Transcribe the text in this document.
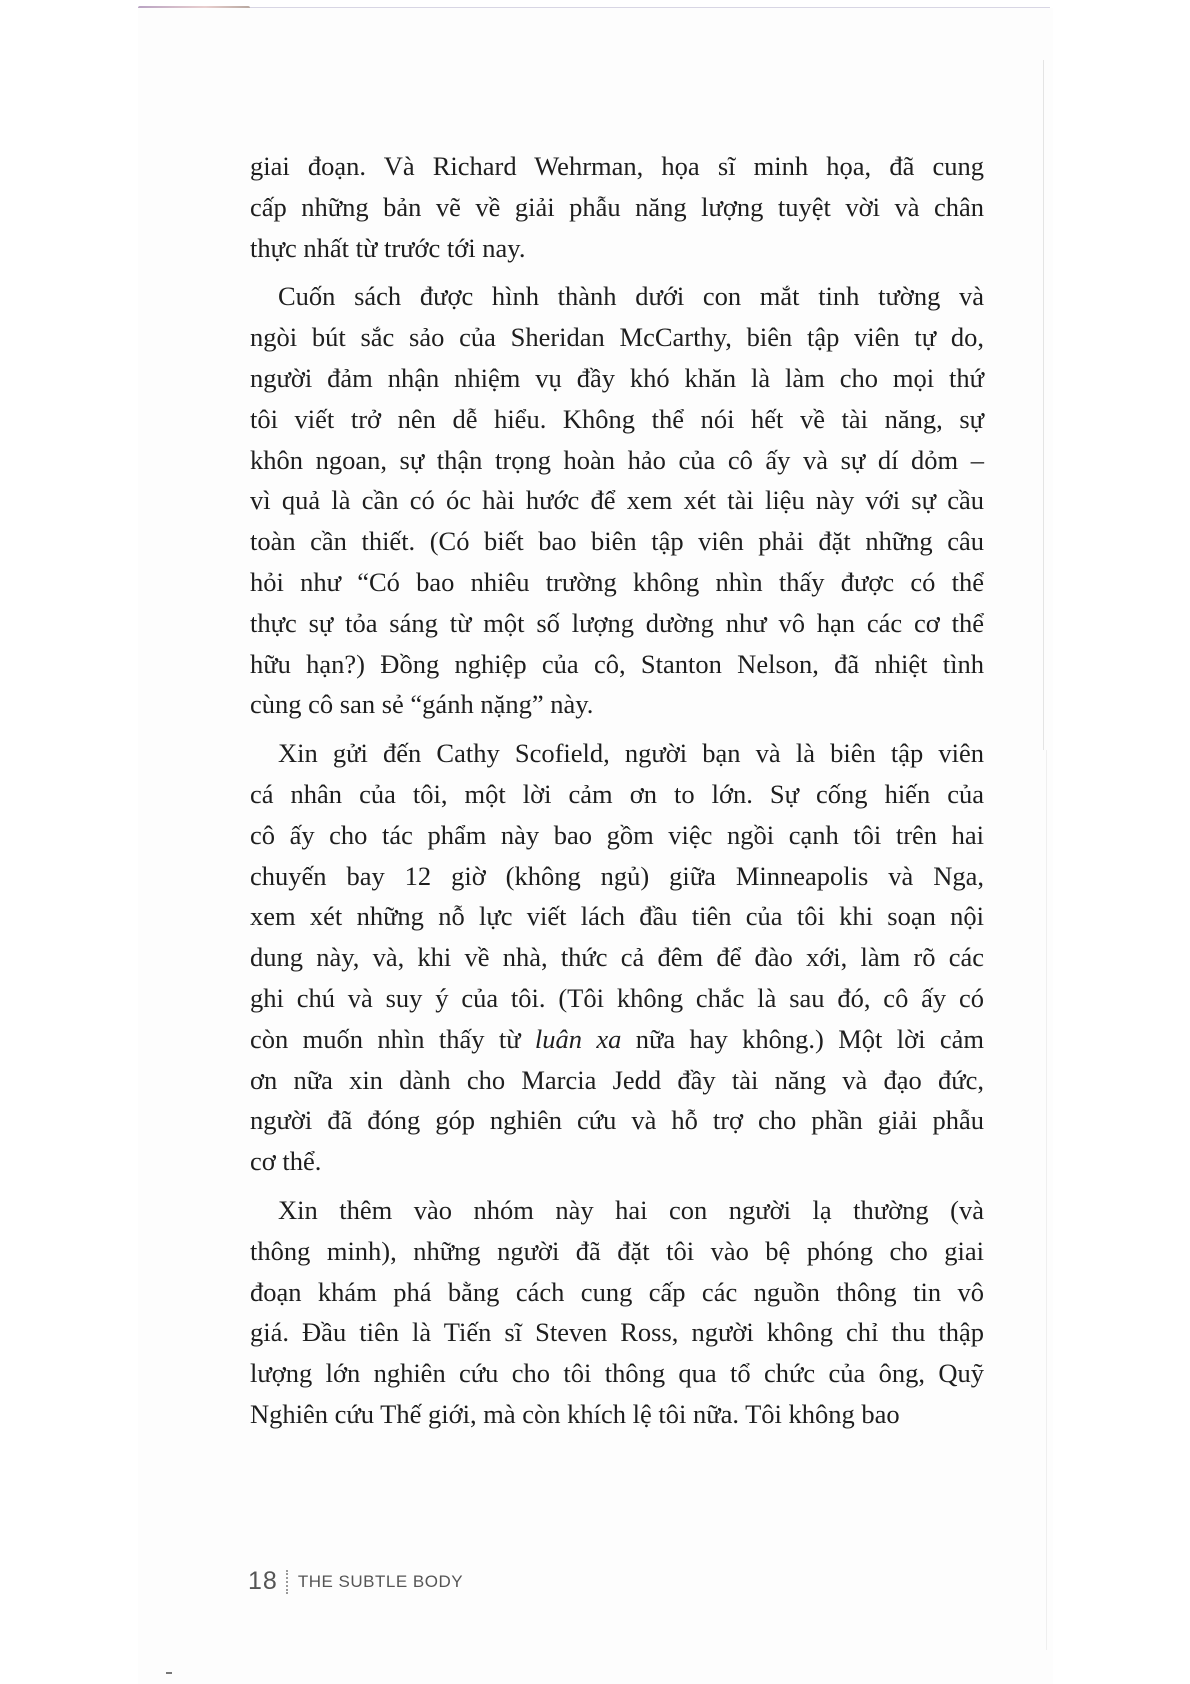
giai đoạn. Và Richard Wehrman, họa sĩ minh họa, đã cung
cấp những bản vẽ về giải phẫu năng lượng tuyệt vời và chân
thực nhất từ trước tới nay.
Cuốn sách được hình thành dưới con mắt tinh tường và
ngòi bút sắc sảo của Sheridan McCarthy, biên tập viên tự do,
người đảm nhận nhiệm vụ đầy khó khăn là làm cho mọi thứ
tôi viết trở nên dễ hiểu. Không thể nói hết về tài năng, sự
khôn ngoan, sự thận trọng hoàn hảo của cô ấy và sự dí dỏm –
vì quả là cần có óc hài hước để xem xét tài liệu này với sự cầu
toàn cần thiết. (Có biết bao biên tập viên phải đặt những câu
hỏi như “Có bao nhiêu trường không nhìn thấy được có thể
thực sự tỏa sáng từ một số lượng dường như vô hạn các cơ thể
hữu hạn?) Đồng nghiệp của cô, Stanton Nelson, đã nhiệt tình
cùng cô san sẻ “gánh nặng” này.
Xin gửi đến Cathy Scofield, người bạn và là biên tập viên
cá nhân của tôi, một lời cảm ơn to lớn. Sự cống hiến của
cô ấy cho tác phẩm này bao gồm việc ngồi cạnh tôi trên hai
chuyến bay 12 giờ (không ngủ) giữa Minneapolis và Nga,
xem xét những nỗ lực viết lách đầu tiên của tôi khi soạn nội
dung này, và, khi về nhà, thức cả đêm để đào xới, làm rõ các
ghi chú và suy ý của tôi. (Tôi không chắc là sau đó, cô ấy có
còn muốn nhìn thấy từ luân xa nữa hay không.) Một lời cảm
ơn nữa xin dành cho Marcia Jedd đầy tài năng và đạo đức,
người đã đóng góp nghiên cứu và hỗ trợ cho phần giải phẫu
cơ thể.
Xin thêm vào nhóm này hai con người lạ thường (và
thông minh), những người đã đặt tôi vào bệ phóng cho giai
đoạn khám phá bằng cách cung cấp các nguồn thông tin vô
giá. Đầu tiên là Tiến sĩ Steven Ross, người không chỉ thu thập
lượng lớn nghiên cứu cho tôi thông qua tổ chức của ông, Quỹ
Nghiên cứu Thế giới, mà còn khích lệ tôi nữa. Tôi không bao
18 THE SUBTLE BODY
